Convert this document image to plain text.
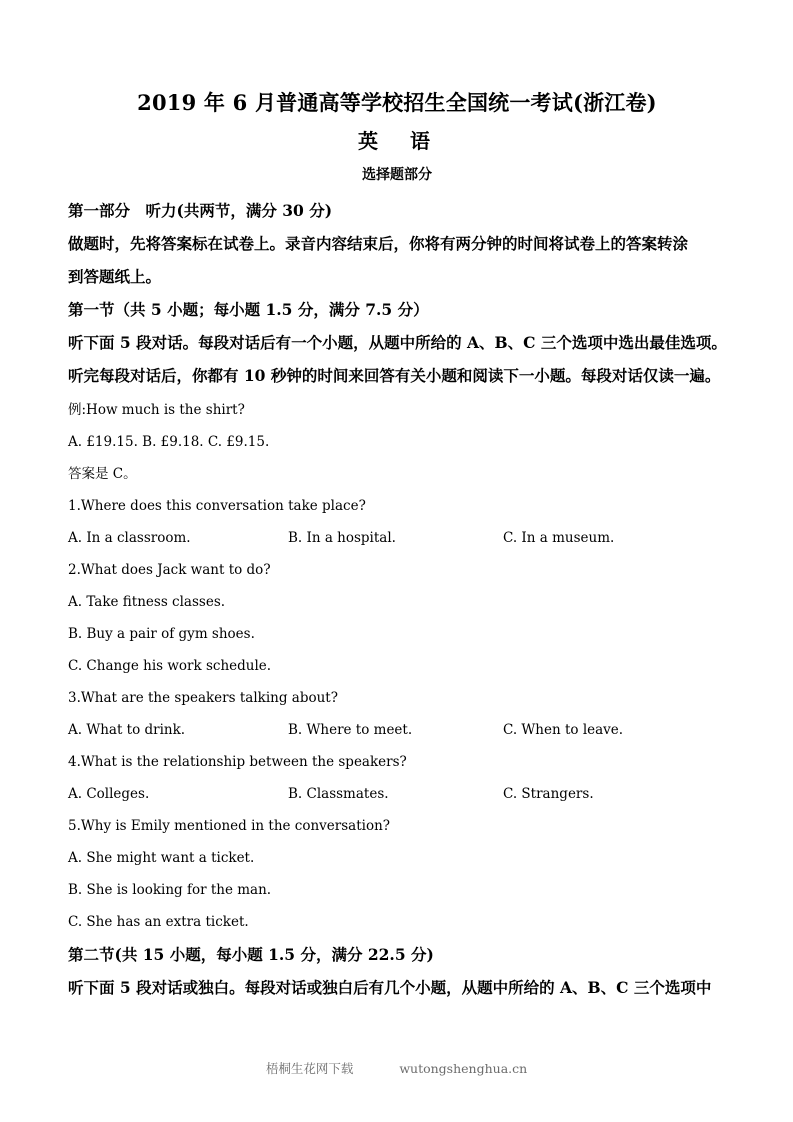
2019 年 6 月普通高等学校招生全国统一考试(浙江卷)
英　语
选择题部分

第一部分　听力(共两节，满分 30 分)

做题时，先将答案标在试卷上。录音内容结束后，你将有两分钟的时间将试卷上的答案转涂

到答题纸上。

第一节（共 5 小题；每小题 1.5 分，满分 7.5 分）

听下面 5 段对话。每段对话后有一个小题，从题中所给的 A、B、C 三个选项中选出最佳选项。

听完每段对话后，你都有 10 秒钟的时间来回答有关小题和阅读下一小题。每段对话仅读一遍。

例:How much is the shirt?

A. £19.15. B. £9.18. C. £9.15.

答案是 C。

1.Where does this conversation take place?

A. In a classroom.	B. In a hospital.	C. In a museum.

2.What does Jack want to do?

A. Take fitness classes.

B. Buy a pair of gym shoes.

C. Change his work schedule.

3.What are the speakers talking about?

A. What to drink.	B. Where to meet.	C. When to leave.

4.What is the relationship between the speakers?

A. Colleges.	B. Classmates.	C. Strangers.

5.Why is Emily mentioned in the conversation?

A. She might want a ticket.

B. She is looking for the man.

C. She has an extra ticket.

第二节(共 15 小题，每小题 1.5 分，满分 22.5 分)

听下面 5 段对话或独白。每段对话或独白后有几个小题，从题中所给的 A、B、C 三个选项中

梧桐生花网下载	wutongshenghua.cn
